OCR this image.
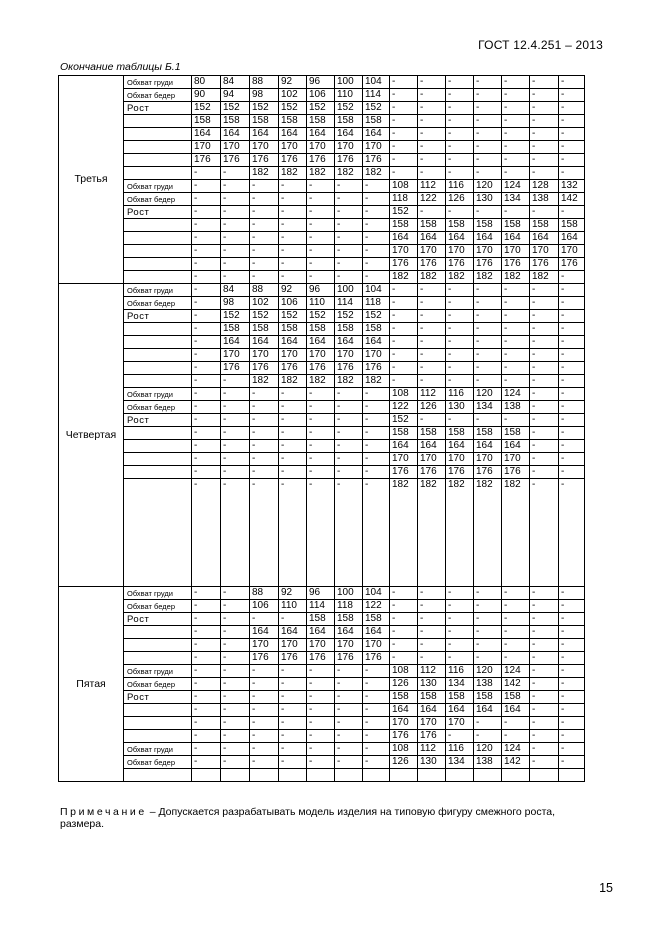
ГОСТ 12.4.251 – 2013
Окончание таблицы Б.1
Третья	Обхват груди	80	84	88	92	96	100	104	-	-	-	-	-	-	-
	Обхват бедер	90	94	98	102	106	110	114	-	-	-	-	-	-	-
	Рост	152	152	152	152	152	152	152	-	-	-	-	-	-	-
		158	158	158	158	158	158	158	-	-	-	-	-	-	-
		164	164	164	164	164	164	164	-	-	-	-	-	-	-
		170	170	170	170	170	170	170	-	-	-	-	-	-	-
		176	176	176	176	176	176	176	-	-	-	-	-	-	-
		-	-	182	182	182	182	182	-	-	-	-	-	-	-
	Обхват груди	-	-	-	-	-	-	-	108	112	116	120	124	128	132
	Обхват бедер	-	-	-	-	-	-	-	118	122	126	130	134	138	142
	Рост	-	-	-	-	-	-	-	152	-	-	-	-	-	-
		-	-	-	-	-	-	-	158	158	158	158	158	158	158
		-	-	-	-	-	-	-	164	164	164	164	164	164	164
		-	-	-	-	-	-	-	170	170	170	170	170	170	170
		-	-	-	-	-	-	-	176	176	176	176	176	176	176
		-	-	-	-	-	-	-	182	182	182	182	182	182	-
Четвертая	Обхват груди	-	84	88	92	96	100	104	-	-	-	-	-	-	-
	Обхват бедер	-	98	102	106	110	114	118	-	-	-	-	-	-	-
	Рост	-	152	152	152	152	152	152	-	-	-	-	-	-	-
		-	158	158	158	158	158	158	-	-	-	-	-	-	-
		-	164	164	164	164	164	164	-	-	-	-	-	-	-
		-	170	170	170	170	170	170	-	-	-	-	-	-	-
		-	176	176	176	176	176	176	-	-	-	-	-	-	-
		-	-	182	182	182	182	182	-	-	-	-	-	-	-
	Обхват груди	-	-	-	-	-	-	-	108	112	116	120	124	-	-
	Обхват бедер	-	-	-	-	-	-	-	122	126	130	134	138	-	-
	Рост	-	-	-	-	-	-	-	152	-	-	-	-	-	-
		-	-	-	-	-	-	-	158	158	158	158	158	-	-
		-	-	-	-	-	-	-	164	164	164	164	164	-	-
		-	-	-	-	-	-	-	170	170	170	170	170	-	-
		-	-	-	-	-	-	-	176	176	176	176	176	-	-
		-	-	-	-	-	-	-	182	182	182	182	182	-	-
Пятая	Обхват груди	-	-	88	92	96	100	104	-	-	-	-	-	-	-
	Обхват бедер	-	-	106	110	114	118	122	-	-	-	-	-	-	-
	Рост	-	-	-	-	158	158	158	-	-	-	-	-	-	-
		-	-	164	164	164	164	164	-	-	-	-	-	-	-
		-	-	170	170	170	170	170	-	-	-	-	-	-	-
		-	-	176	176	176	176	176	-	-	-	-	-	-	-
	Обхват груди	-	-	-	-	-	-	-	108	112	116	120	124	-	-
	Обхват бедер	-	-	-	-	-	-	-	126	130	134	138	142	-	-
	Рост	-	-	-	-	-	-	-	158	158	158	158	158	-	-
		-	-	-	-	-	-	-	164	164	164	164	164	-	-
		-	-	-	-	-	-	-	170	170	170	-	-	-	-
		-	-	-	-	-	-	-	176	176	-	-	-	-	-
	Обхват груди	-	-	-	-	-	-	-	108	112	116	120	124	-	-
	Обхват бедер	-	-	-	-	-	-	-	126	130	134	138	142	-	-

Примечание – Допускается разрабатывать модель изделия на типовую фигуру смежного роста, размера.
15
